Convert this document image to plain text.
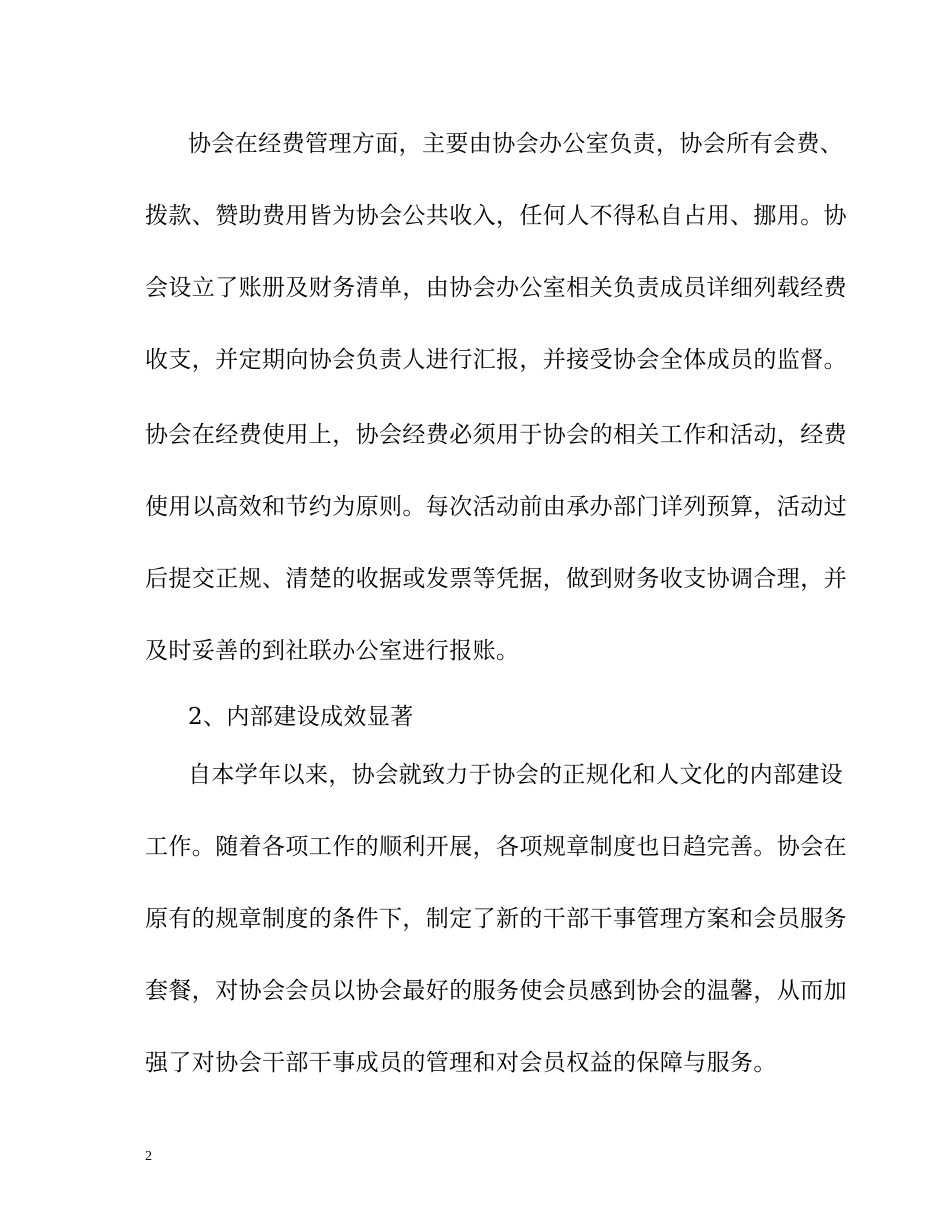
协会在经费管理方面，主要由协会办公室负责，协会所有会费、
拨款、赞助费用皆为协会公共收入，任何人不得私自占用、挪用。协
会设立了账册及财务清单，由协会办公室相关负责成员详细列载经费
收支，并定期向协会负责人进行汇报，并接受协会全体成员的监督。
协会在经费使用上，协会经费必须用于协会的相关工作和活动，经费
使用以高效和节约为原则。每次活动前由承办部门详列预算，活动过
后提交正规、清楚的收据或发票等凭据，做到财务收支协调合理，并
及时妥善的到社联办公室进行报账。
2、内部建设成效显著
自本学年以来，协会就致力于协会的正规化和人文化的内部建设
工作。随着各项工作的顺利开展，各项规章制度也日趋完善。协会在
原有的规章制度的条件下，制定了新的干部干事管理方案和会员服务
套餐，对协会会员以协会最好的服务使会员感到协会的温馨，从而加
强了对协会干部干事成员的管理和对会员权益的保障与服务。
2
